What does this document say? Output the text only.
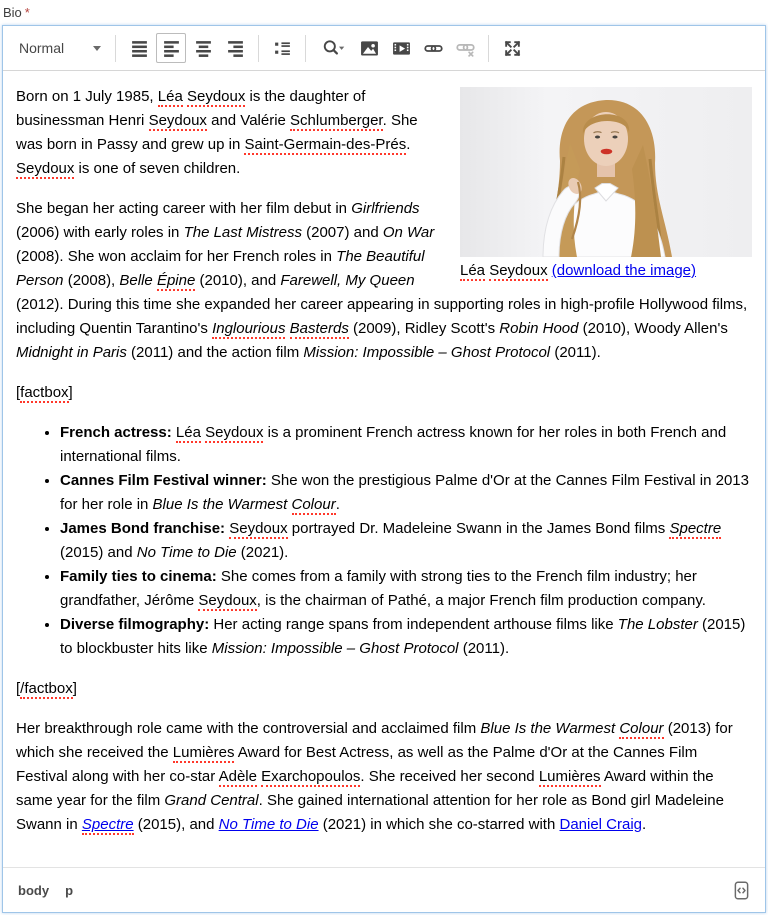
Bio *
Normal
Léa Seydoux (download the image)

Born on 1 July 1985, Léa Seydoux is the daughter of businessman Henri Seydoux and Valérie Schlumberger. She was born in Passy and grew up in Saint-Germain-des-Prés. Seydoux is one of seven children.

She began her acting career with her film debut in Girlfriends (2006) with early roles in The Last Mistress (2007) and On War (2008). She won acclaim for her French roles in The Beautiful Person (2008), Belle Épine (2010), and Farewell, My Queen (2012). During this time she expanded her career appearing in supporting roles in high-profile Hollywood films, including Quentin Tarantino's Inglourious Basterds (2009), Ridley Scott's Robin Hood (2010), Woody Allen's Midnight in Paris (2011) and the action film Mission: Impossible – Ghost Protocol (2011).

[factbox]

• French actress: Léa Seydoux is a prominent French actress known for her roles in both French and international films.
• Cannes Film Festival winner: She won the prestigious Palme d'Or at the Cannes Film Festival in 2013 for her role in Blue Is the Warmest Colour.
• James Bond franchise: Seydoux portrayed Dr. Madeleine Swann in the James Bond films Spectre (2015) and No Time to Die (2021).
• Family ties to cinema: She comes from a family with strong ties to the French film industry; her grandfather, Jérôme Seydoux, is the chairman of Pathé, a major French film production company.
• Diverse filmography: Her acting range spans from independent arthouse films like The Lobster (2015) to blockbuster hits like Mission: Impossible – Ghost Protocol (2011).

[/factbox]

Her breakthrough role came with the controversial and acclaimed film Blue Is the Warmest Colour (2013) for which she received the Lumières Award for Best Actress, as well as the Palme d'Or at the Cannes Film Festival along with her co-star Adèle Exarchopoulos. She received her second Lumières Award within the same year for the film Grand Central. She gained international attention for her role as Bond girl Madeleine Swann in Spectre (2015), and No Time to Die (2021) in which she co-starred with Daniel Craig.

body p
